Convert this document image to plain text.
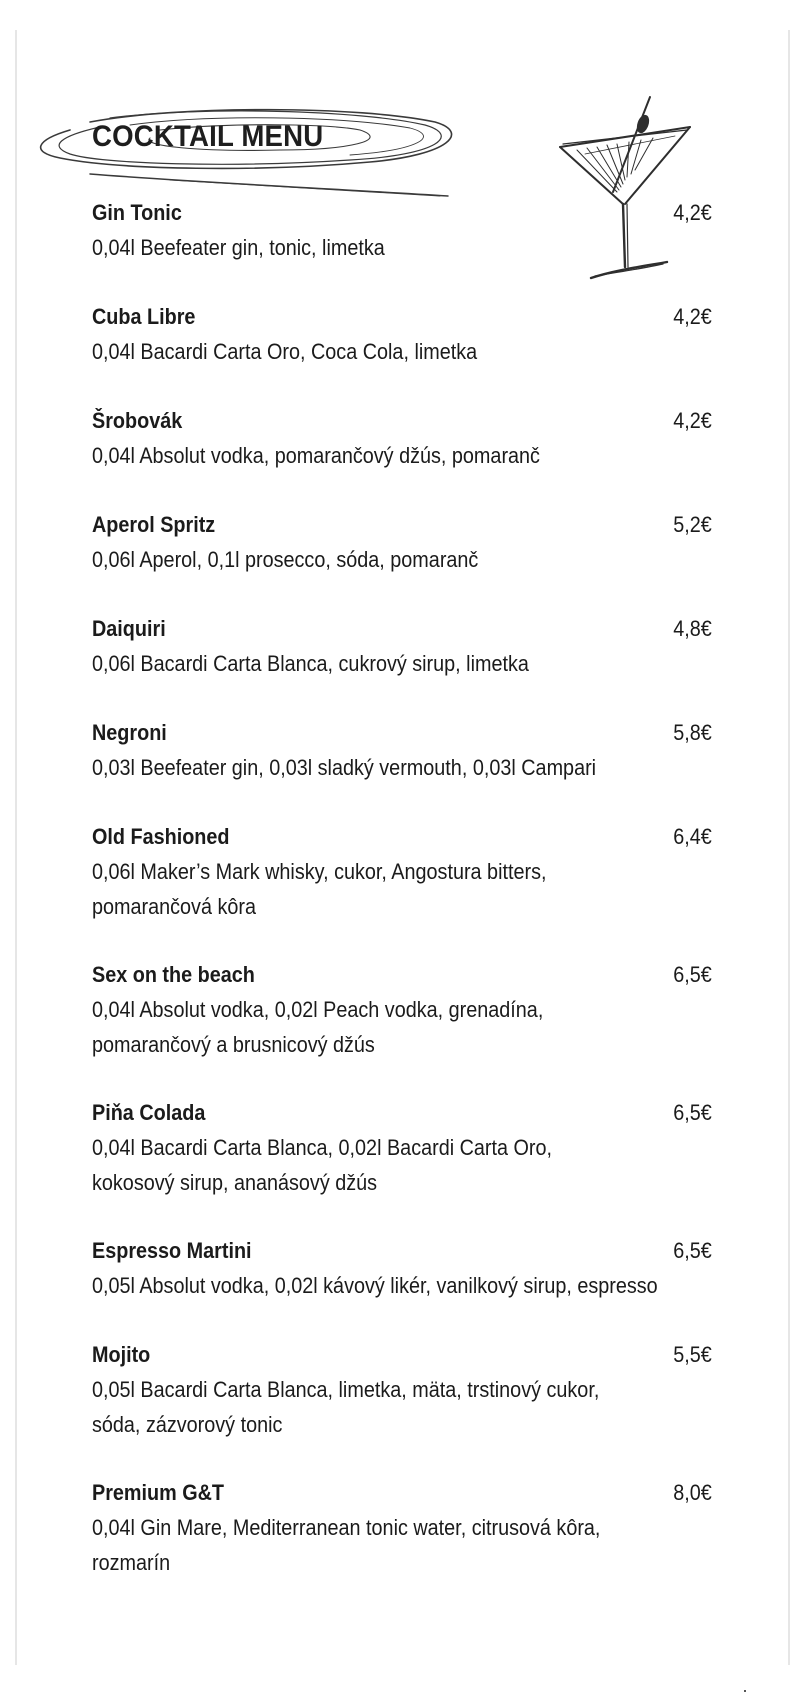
COCKTAIL MENU
Gin Tonic	4,2€
0,04l Beefeater gin, tonic, limetka
Cuba Libre	4,2€
0,04l Bacardi Carta Oro, Coca Cola, limetka
Šrobovák	4,2€
0,04l Absolut vodka, pomarančový džús, pomaranč
Aperol Spritz	5,2€
0,06l Aperol, 0,1l prosecco, sóda, pomaranč
Daiquiri	4,8€
0,06l Bacardi Carta Blanca, cukrový sirup, limetka
Negroni	5,8€
0,03l Beefeater gin, 0,03l sladký vermouth, 0,03l Campari
Old Fashioned	6,4€
0,06l Maker’s Mark whisky, cukor, Angostura bitters,
pomarančová kôra
Sex on the beach	6,5€
0,04l Absolut vodka, 0,02l Peach vodka, grenadína,
pomarančový a brusnicový džús
Piňa Colada	6,5€
0,04l Bacardi Carta Blanca, 0,02l Bacardi Carta Oro,
kokosový sirup, ananásový džús
Espresso Martini	6,5€
0,05l Absolut vodka, 0,02l kávový likér, vanilkový sirup, espresso
Mojito	5,5€
0,05l Bacardi Carta Blanca, limetka, mäta, trstinový cukor,
sóda, zázvorový tonic
Premium G&T	8,0€
0,04l Gin Mare, Mediterranean tonic water, citrusová kôra,
rozmarín
